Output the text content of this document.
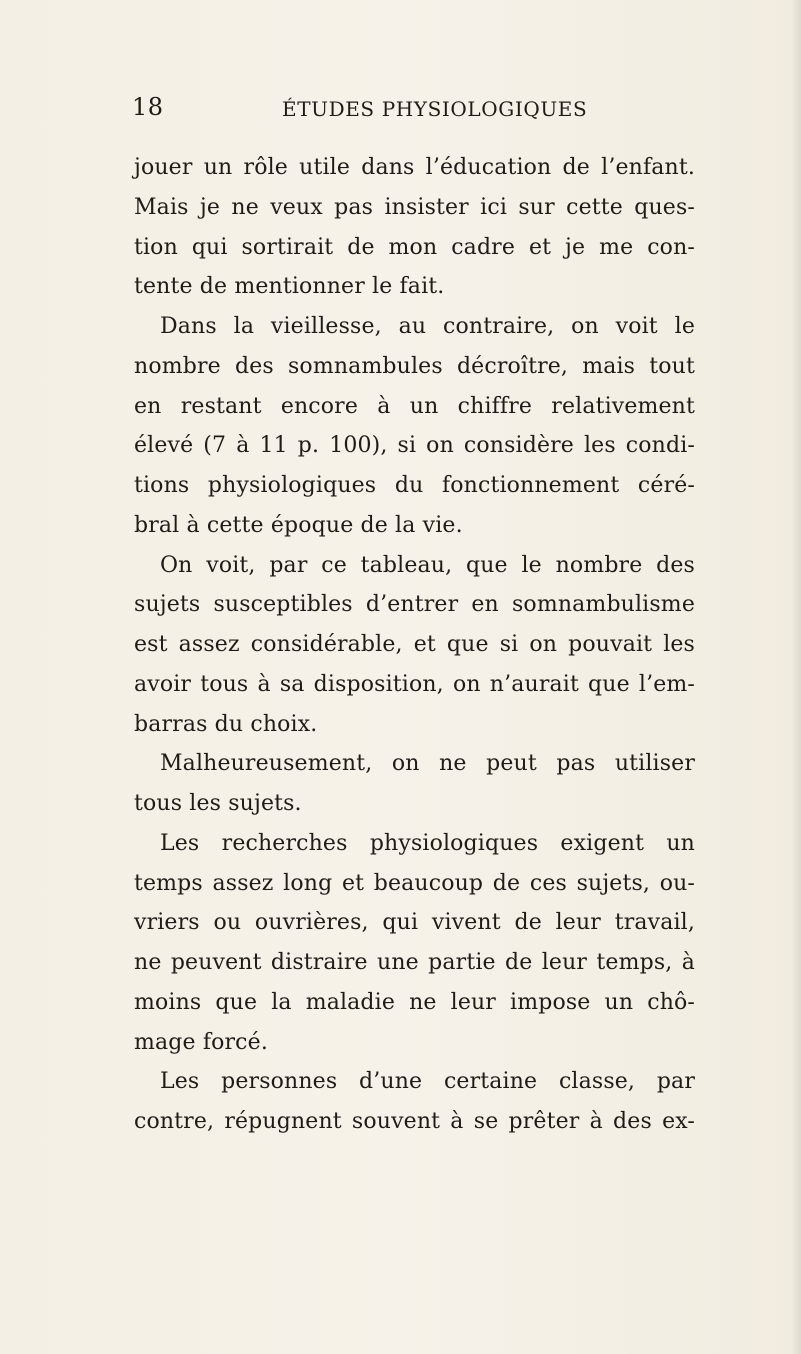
18	ÉTUDES PHYSIOLOGIQUES
jouer un rôle utile dans l’éducation de l’enfant.
Mais je ne veux pas insister ici sur cette ques-
tion qui sortirait de mon cadre et je me con-
tente de mentionner le fait.
Dans la vieillesse, au contraire, on voit le
nombre des somnambules décroître, mais tout
en restant encore à un chiffre relativement
élevé (7 à 11 p. 100), si on considère les condi-
tions physiologiques du fonctionnement céré-
bral à cette époque de la vie.
On voit, par ce tableau, que le nombre des
sujets susceptibles d’entrer en somnambulisme
est assez considérable, et que si on pouvait les
avoir tous à sa disposition, on n’aurait que l’em-
barras du choix.
Malheureusement, on ne peut pas utiliser
tous les sujets.
Les recherches physiologiques exigent un
temps assez long et beaucoup de ces sujets, ou-
vriers ou ouvrières, qui vivent de leur travail,
ne peuvent distraire une partie de leur temps, à
moins que la maladie ne leur impose un chô-
mage forcé.
Les personnes d’une certaine classe, par
contre, répugnent souvent à se prêter à des ex-
